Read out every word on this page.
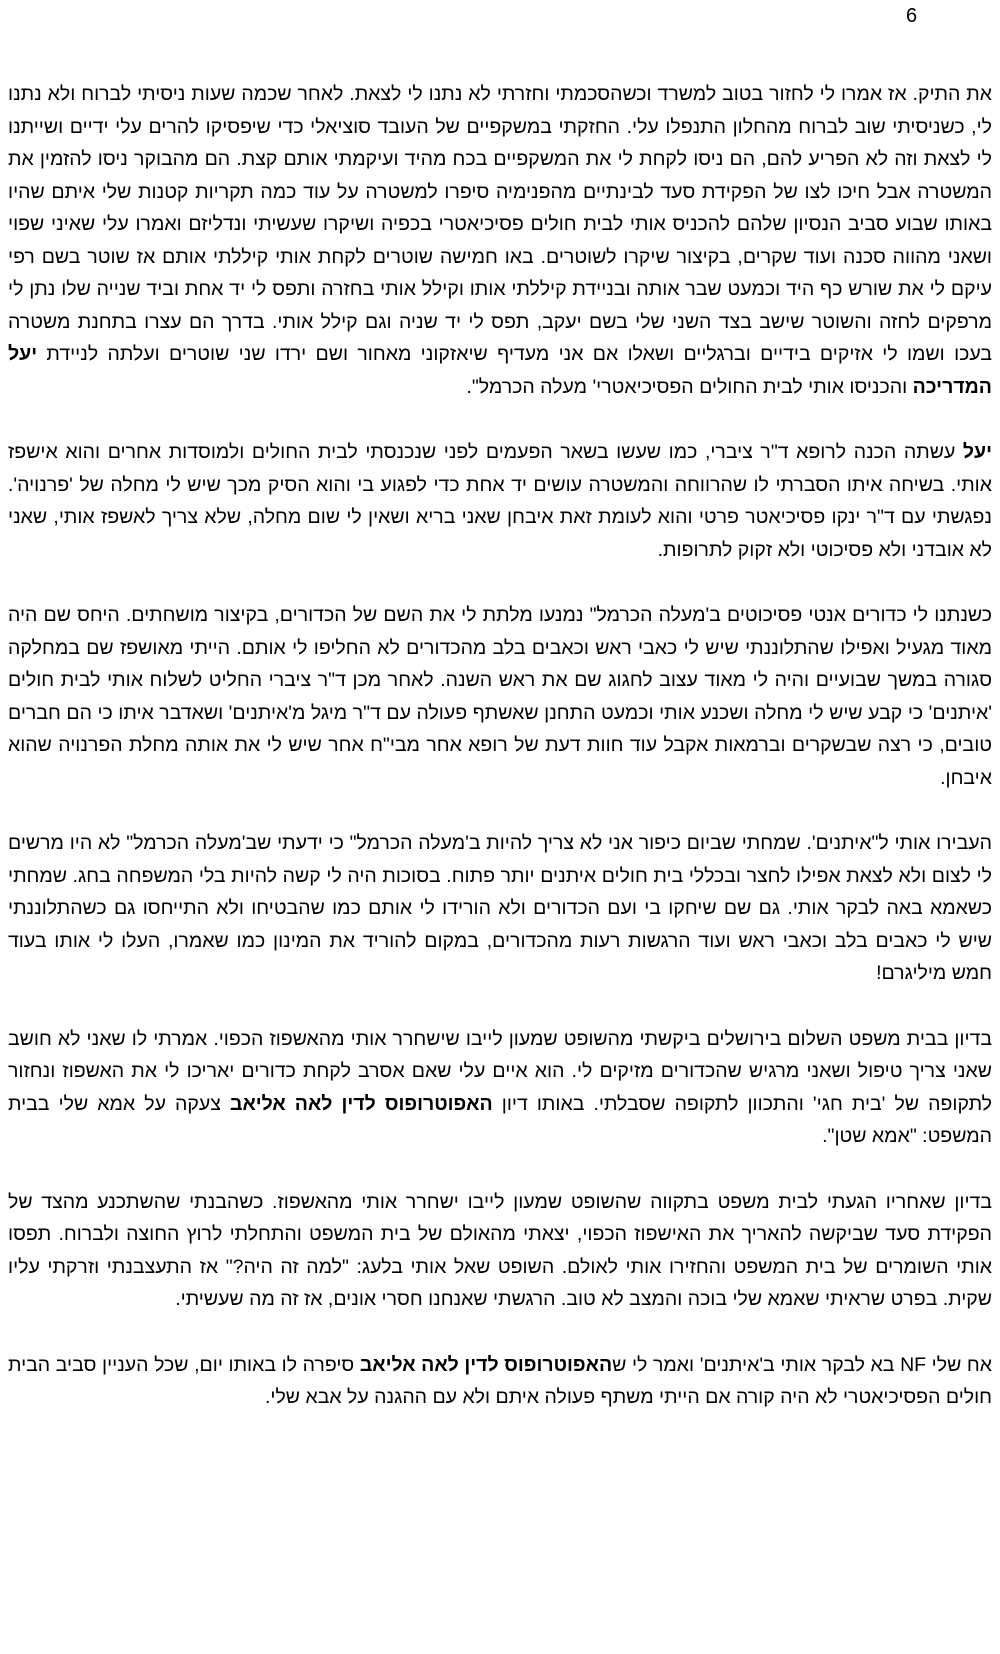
6

את התיק. אז אמרו לי לחזור בטוב למשרד וכשהסכמתי וחזרתי לא נתנו לי לצאת. לאחר שכמה שעות ניסיתי לברוח ולא נתנו לי, כשניסיתי שוב לברוח מהחלון התנפלו עלי. החזקתי במשקפיים של העובד סוציאלי כדי שיפסיקו להרים עלי ידיים ושייתנו לי לצאת וזה לא הפריע להם, הם ניסו לקחת לי את המשקפיים בכח מהיד ועיקמתי אותם קצת. הם מהבוקר ניסו להזמין את המשטרה אבל חיכו לצו של הפקידת סעד לבינתיים מהפנימיה סיפרו למשטרה על עוד כמה תקריות קטנות שלי איתם שהיו באותו שבוע סביב הנסיון שלהם להכניס אותי לבית חולים פסיכיאטרי בכפיה ושיקרו שעשיתי ונדליזם ואמרו עלי שאיני שפוי ושאני מהווה סכנה ועוד שקרים, בקיצור שיקרו לשוטרים. באו חמישה שוטרים לקחת אותי קיללתי אותם אז שוטר בשם רפי עיקם לי את שורש כף היד וכמעט שבר אותה ובניידת קיללתי אותו וקילל אותי בחזרה ותפס לי יד אחת וביד שנייה שלו נתן לי מרפקים לחזה והשוטר שישב בצד השני שלי בשם יעקב, תפס לי יד שניה וגם קילל אותי. בדרך הם עצרו בתחנת משטרה בעכו ושמו לי אזיקים בידיים וברגליים ושאלו אם אני מעדיף שיאזקוני מאחור ושם ירדו שני שוטרים ועלתה לניידת יעל המדריכה והכניסו אותי לבית החולים הפסיכיאטרי' מעלה הכרמל".

יעל עשתה הכנה לרופא ד"ר ציברי, כמו שעשו בשאר הפעמים לפני שנכנסתי לבית החולים ולמוסדות אחרים והוא אישפז אותי. בשיחה איתו הסברתי לו שהרווחה והמשטרה עושים יד אחת כדי לפגוע בי והוא הסיק מכך שיש לי מחלה של 'פרנויה'. נפגשתי עם ד"ר ינקו פסיכיאטר פרטי והוא לעומת זאת איבחן שאני בריא ושאין לי שום מחלה, שלא צריך לאשפז אותי, שאני לא אובדני ולא פסיכוטי ולא זקוק לתרופות.

כשנתנו לי כדורים אנטי פסיכוטים ב'מעלה הכרמל" נמנעו מלתת לי את השם של הכדורים, בקיצור מושחתים. היחס שם היה מאוד מגעיל ואפילו שהתלוננתי שיש לי כאבי ראש וכאבים בלב מהכדורים לא החליפו לי אותם. הייתי מאושפז שם במחלקה סגורה במשך שבועיים והיה לי מאוד עצוב לחגוג שם את ראש השנה. לאחר מכן ד"ר ציברי החליט לשלוח אותי לבית חולים 'איתנים' כי קבע שיש לי מחלה ושכנע אותי וכמעט התחנן שאשתף פעולה עם ד"ר מיגל מ'איתנים' ושאדבר איתו כי הם חברים טובים, כי רצה שבשקרים וברמאות אקבל עוד חוות דעת של רופא אחר מבי"ח אחר שיש לי את אותה מחלת הפרנויה שהוא איבחן.

העבירו אותי ל"איתנים'. שמחתי שביום כיפור אני לא צריך להיות ב'מעלה הכרמל" כי ידעתי שב'מעלה הכרמל" לא היו מרשים לי לצום ולא לצאת אפילו לחצר ובכללי בית חולים איתנים יותר פתוח. בסוכות היה לי קשה להיות בלי המשפחה בחג. שמחתי כשאמא באה לבקר אותי. גם שם שיחקו בי ועם הכדורים ולא הורידו לי אותם כמו שהבטיחו ולא התייחסו גם כשהתלוננתי שיש לי כאבים בלב וכאבי ראש ועוד הרגשות רעות מהכדורים, במקום להוריד את המינון כמו שאמרו, העלו לי אותו בעוד חמש מיליגרם!

בדיון בבית משפט השלום בירושלים ביקשתי מהשופט שמעון לייבו שישחרר אותי מהאשפוז הכפוי. אמרתי לו שאני לא חושב שאני צריך טיפול ושאני מרגיש שהכדורים מזיקים לי. הוא איים עלי שאם אסרב לקחת כדורים יאריכו לי את האשפוז ונחזור לתקופה של 'בית חגי' והתכוון לתקופה שסבלתי. באותו דיון האפוטרופוס לדין לאה אליאב צעקה על אמא שלי בבית המשפט: "אמא שטן".

בדיון שאחריו הגעתי לבית משפט בתקווה שהשופט שמעון לייבו ישחרר אותי מהאשפוז. כשהבנתי שהשתכנע מהצד של הפקידת סעד שביקשה להאריך את האישפוז הכפוי, יצאתי מהאולם של בית המשפט והתחלתי לרוץ החוצה ולברוח. תפסו אותי השומרים של בית המשפט והחזירו אותי לאולם. השופט שאל אותי בלעג: "למה זה היה?" אז התעצבנתי וזרקתי עליו שקית. בפרט שראיתי שאמא שלי בוכה והמצב לא טוב. הרגשתי שאנחנו חסרי אונים, אז זה מה שעשיתי.

אח שלי NF בא לבקר אותי ב'איתנים' ואמר לי שהאפוטרופוס לדין לאה אליאב סיפרה לו באותו יום, שכל העניין סביב הבית חולים הפסיכיאטרי לא היה קורה אם הייתי משתף פעולה איתם ולא עם ההגנה על אבא שלי.
